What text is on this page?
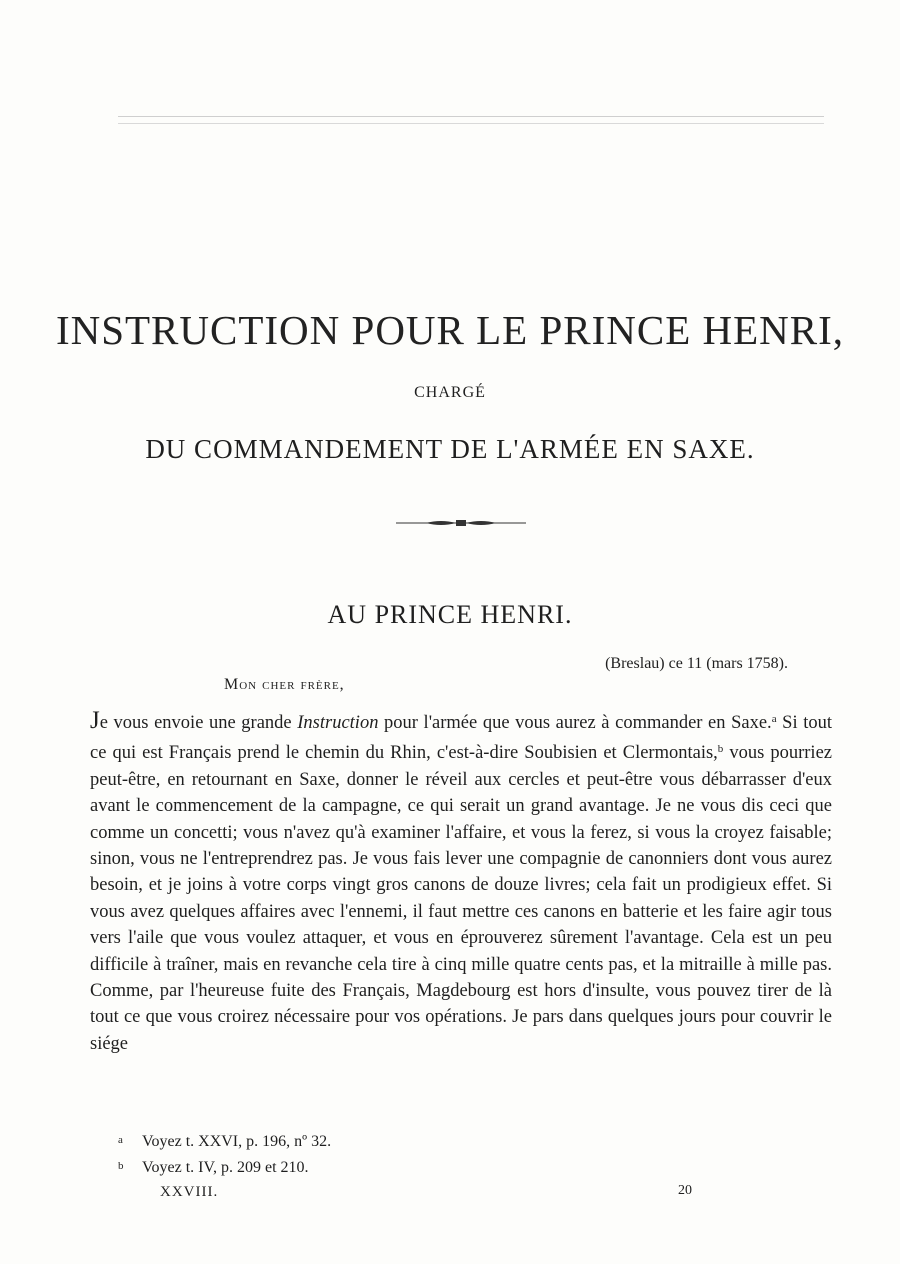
INSTRUCTION POUR LE PRINCE HENRI,
CHARGÉ
DU COMMANDEMENT DE L'ARMÉE EN SAXE.
AU PRINCE HENRI.
(Breslau) ce 11 (mars 1758).
Mon cher frère,
Je vous envoie une grande Instruction pour l'armée que vous aurez à commander en Saxe.$^a$ Si tout ce qui est Français prend le chemin du Rhin, c'est-à-dire Soubisien et Clermontais,$^b$ vous pourriez peut-être, en retournant en Saxe, donner le réveil aux cercles et peut-être vous débarrasser d'eux avant le commencement de la campagne, ce qui serait un grand avantage. Je ne vous dis ceci que comme un concetti; vous n'avez qu'à examiner l'affaire, et vous la ferez, si vous la croyez faisable; sinon, vous ne l'entreprendrez pas. Je vous fais lever une compagnie de canonniers dont vous aurez besoin, et je joins à votre corps vingt gros canons de douze livres; cela fait un prodigieux effet. Si vous avez quelques affaires avec l'ennemi, il faut mettre ces canons en batterie et les faire agir tous vers l'aile que vous voulez attaquer, et vous en éprouverez sûrement l'avantage. Cela est un peu difficile à traîner, mais en revanche cela tire à cinq mille quatre cents pas, et la mitraille à mille pas. Comme, par l'heureuse fuite des Français, Magdebourg est hors d'insulte, vous pouvez tirer de là tout ce que vous croirez nécessaire pour vos opérations. Je pars dans quelques jours pour couvrir le siége
a Voyez t. XXVI, p. 196, nº 32.
b Voyez t. IV, p. 209 et 210.
XXVIII.	20
